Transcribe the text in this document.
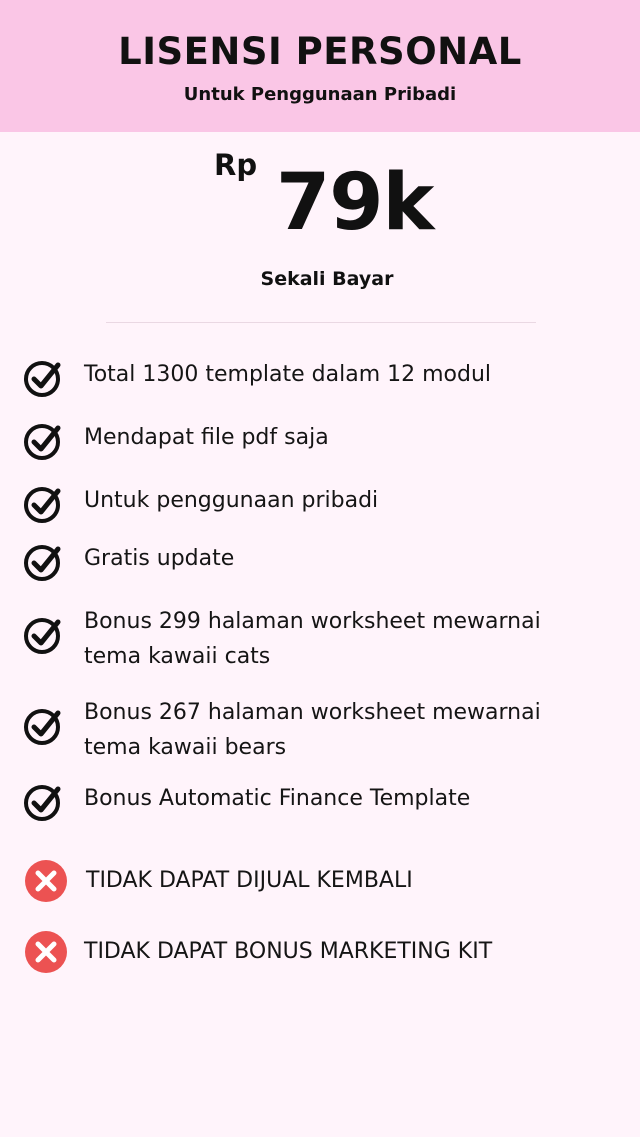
LISENSI PERSONAL
Untuk Penggunaan Pribadi
Rp 79k
Sekali Bayar
Total 1300 template dalam 12 modul
Mendapat file pdf saja
Untuk penggunaan pribadi
Gratis update
Bonus 299 halaman worksheet mewarnai tema kawaii cats
Bonus 267 halaman worksheet mewarnai tema kawaii bears
Bonus Automatic Finance Template
TIDAK DAPAT DIJUAL KEMBALI
TIDAK DAPAT BONUS MARKETING KIT
